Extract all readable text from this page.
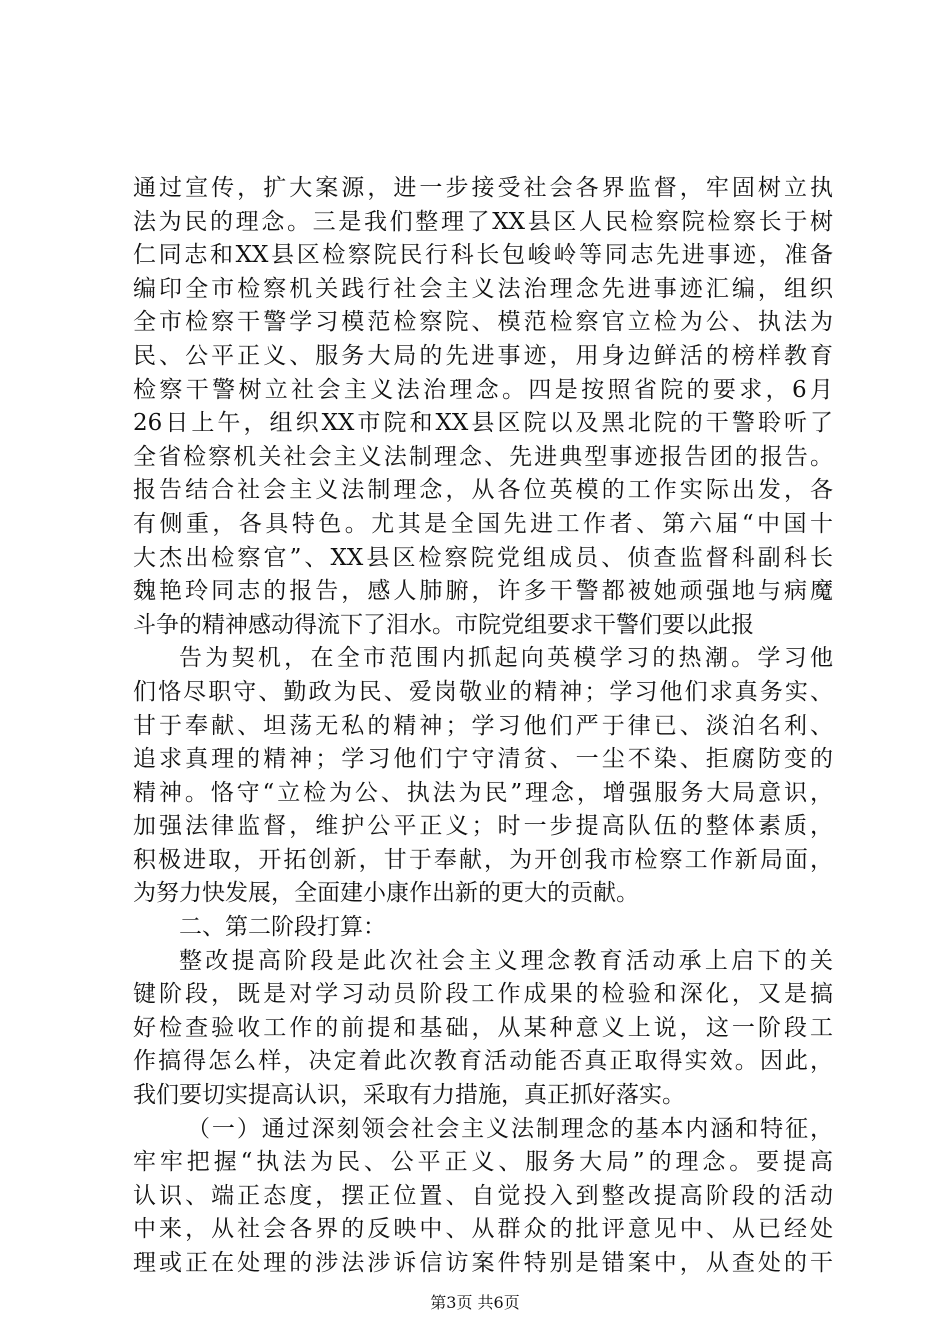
通过宣传，扩大案源，进一步接受社会各界监督，牢固树立执
法为民的理念。三是我们整理了XX县区人民检察院检察长于树
仁同志和XX县区检察院民行科长包峻岭等同志先进事迹，准备
编印全市检察机关践行社会主义法治理念先进事迹汇编，组织
全市检察干警学习模范检察院、模范检察官立检为公、执法为
民、公平正义、服务大局的先进事迹，用身边鲜活的榜样教育
检察干警树立社会主义法治理念。四是按照省院的要求，6月
26日上午，组织XX市院和XX县区院以及黑北院的干警聆听了
全省检察机关社会主义法制理念、先进典型事迹报告团的报告。
报告结合社会主义法制理念，从各位英模的工作实际出发，各
有侧重，各具特色。尤其是全国先进工作者、第六届“中国十
大杰出检察官”、XX县区检察院党组成员、侦查监督科副科长
魏艳玲同志的报告，感人肺腑，许多干警都被她顽强地与病魔
斗争的精神感动得流下了泪水。市院党组要求干警们要以此报
告为契机，在全市范围内抓起向英模学习的热潮。学习他
们恪尽职守、勤政为民、爱岗敬业的精神；学习他们求真务实、
甘于奉献、坦荡无私的精神；学习他们严于律已、淡泊名利、
追求真理的精神；学习他们宁守清贫、一尘不染、拒腐防变的
精神。恪守“立检为公、执法为民”理念，增强服务大局意识，
加强法律监督，维护公平正义；时一步提高队伍的整体素质，
积极进取，开拓创新，甘于奉献，为开创我市检察工作新局面，
为努力快发展，全面建小康作出新的更大的贡献。
二、第二阶段打算：
整改提高阶段是此次社会主义理念教育活动承上启下的关
键阶段，既是对学习动员阶段工作成果的检验和深化，又是搞
好检查验收工作的前提和基础，从某种意义上说，这一阶段工
作搞得怎么样，决定着此次教育活动能否真正取得实效。因此，
我们要切实提高认识，采取有力措施，真正抓好落实。
（一）通过深刻领会社会主义法制理念的基本内涵和特征，
牢牢把握“执法为民、公平正义、服务大局”的理念。要提高
认识、端正态度，摆正位置、自觉投入到整改提高阶段的活动
中来，从社会各界的反映中、从群众的批评意见中、从已经处
理或正在处理的涉法涉诉信访案件特别是错案中，从查处的干
第3页 共6页
